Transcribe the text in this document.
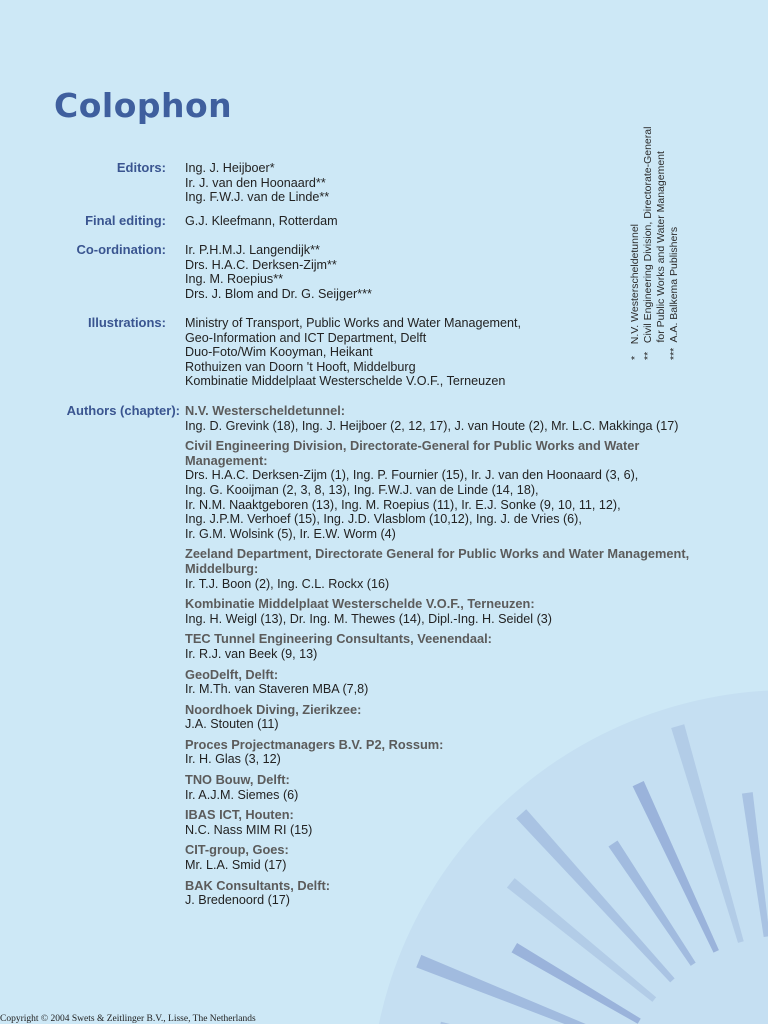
Colophon
Editors: Ing. J. Heijboer*
Ir. J. van den Hoonaard**
Ing. F.W.J. van de Linde**
Final editing: G.J. Kleefmann, Rotterdam
Co-ordination: Ir. P.H.M.J. Langendijk**
Drs. H.A.C. Derksen-Zijm**
Ing. M. Roepius**
Drs. J. Blom and Dr. G. Seijger***
Illustrations: Ministry of Transport, Public Works and Water Management,
Geo-Information and ICT Department, Delft
Duo-Foto/Wim Kooyman, Heikant
Rothuizen van Doorn 't Hooft, Middelburg
Kombinatie Middelplaat Westerschelde V.O.F., Terneuzen
Authors (chapter): N.V. Westerscheldetunnel:
Ing. D. Grevink (18), Ing. J. Heijboer (2, 12, 17), J. van Houte (2), Mr. L.C. Makkinga (17)
Civil Engineering Division, Directorate-General for Public Works and Water Management:
Drs. H.A.C. Derksen-Zijm (1), Ing. P. Fournier (15), Ir. J. van den Hoonaard (3, 6),
Ing. G. Kooijman (2, 3, 8, 13), Ing. F.W.J. van de Linde (14, 18),
Ir. N.M. Naaktgeboren (13), Ing. M. Roepius (11), Ir. E.J. Sonke (9, 10, 11, 12),
Ing. J.P.M. Verhoef (15), Ing. J.D. Vlasblom (10,12), Ing. J. de Vries (6),
Ir. G.M. Wolsink (5), Ir. E.W. Worm (4)
Zeeland Department, Directorate General for Public Works and Water Management, Middelburg:
Ir. T.J. Boon (2), Ing. C.L. Rockx (16)
Kombinatie Middelplaat Westerschelde V.O.F., Terneuzen:
Ing. H. Weigl (13), Dr. Ing. M. Thewes (14), Dipl.-Ing. H. Seidel (3)
TEC Tunnel Engineering Consultants, Veenendaal:
Ir. R.J. van Beek (9, 13)
GeoDelft, Delft:
Ir. M.Th. van Staveren MBA (7,8)
Noordhoek Diving, Zierikzee:
J.A. Stouten (11)
Proces Projectmanagers B.V. P2, Rossum:
Ir. H. Glas (3, 12)
TNO Bouw, Delft:
Ir. A.J.M. Siemes (6)
IBAS ICT, Houten:
N.C. Nass MIM RI (15)
CIT-group, Goes:
Mr. L.A. Smid (17)
BAK Consultants, Delft:
J. Bredenoord (17)
*    N.V. Westerscheldetunnel **   Civil Engineering Division, Directorate-General for Public Works and Water Management ***  A.A. Balkema Publishers
Copyright © 2004 Swets & Zeitlinger B.V., Lisse, The Netherlands
